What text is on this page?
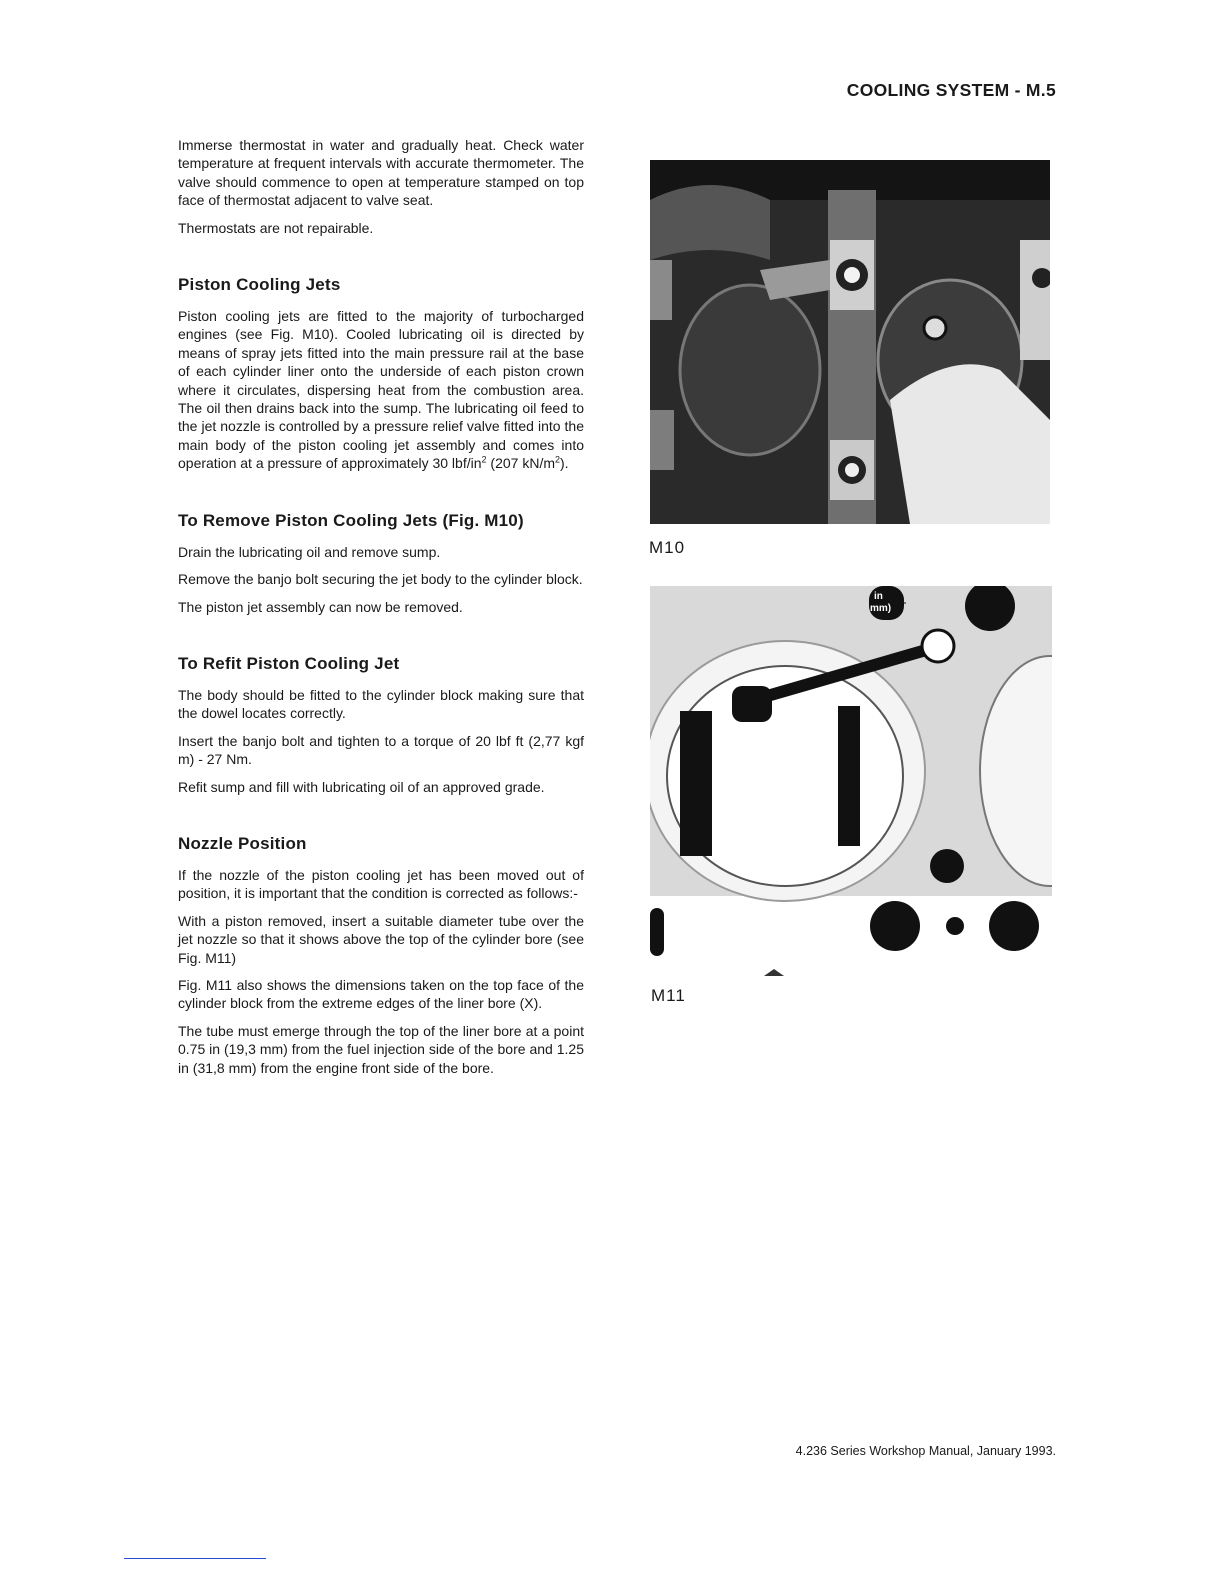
COOLING SYSTEM - M.5

Immerse thermostat in water and gradually heat. Check water temperature at frequent intervals with accurate thermometer. The valve should commence to open at temperature stamped on top face of thermostat adjacent to valve seat.

Thermostats are not repairable.

Piston Cooling Jets

Piston cooling jets are fitted to the majority of turbocharged engines (see Fig. M10). Cooled lubricating oil is directed by means of spray jets fitted into the main pressure rail at the base of each cylinder liner onto the underside of each piston crown where it circulates, dispersing heat from the combustion area. The oil then drains back into the sump. The lubricating oil feed to the jet nozzle is controlled by a pressure relief valve fitted into the main body of the piston cooling jet assembly and comes into operation at a pressure of approximately 30 lbf/$in^2$ (207 $kN/m^2$).

To Remove Piston Cooling Jets (Fig. M10)

Drain the lubricating oil and remove sump.

Remove the banjo bolt securing the jet body to the cylinder block.

The piston jet assembly can now be removed.

To Refit Piston Cooling Jet

The body should be fitted to the cylinder block making sure that the dowel locates correctly.

Insert the banjo bolt and tighten to a torque of 20 lbf ft (2,77 kgf m) - 27 Nm.

Refit sump and fill with lubricating oil of an approved grade.

Nozzle Position

If the nozzle of the piston cooling jet has been moved out of position, it is important that the condition is corrected as follows:-

With a piston removed, insert a suitable diameter tube over the jet nozzle so that it shows above the top of the cylinder bore (see Fig. M11)

Fig. M11 also shows the dimensions taken on the top face of the cylinder block from the extreme edges of the liner bore (X).

The tube must emerge through the top of the liner bore at a point 0.75 in (19,3 mm) from the fuel injection side of the bore and 1.25 in (31,8 mm) from the engine front side of the bore.

M10
in
mm)
M11
4.236 Series Workshop Manual, January 1993.
